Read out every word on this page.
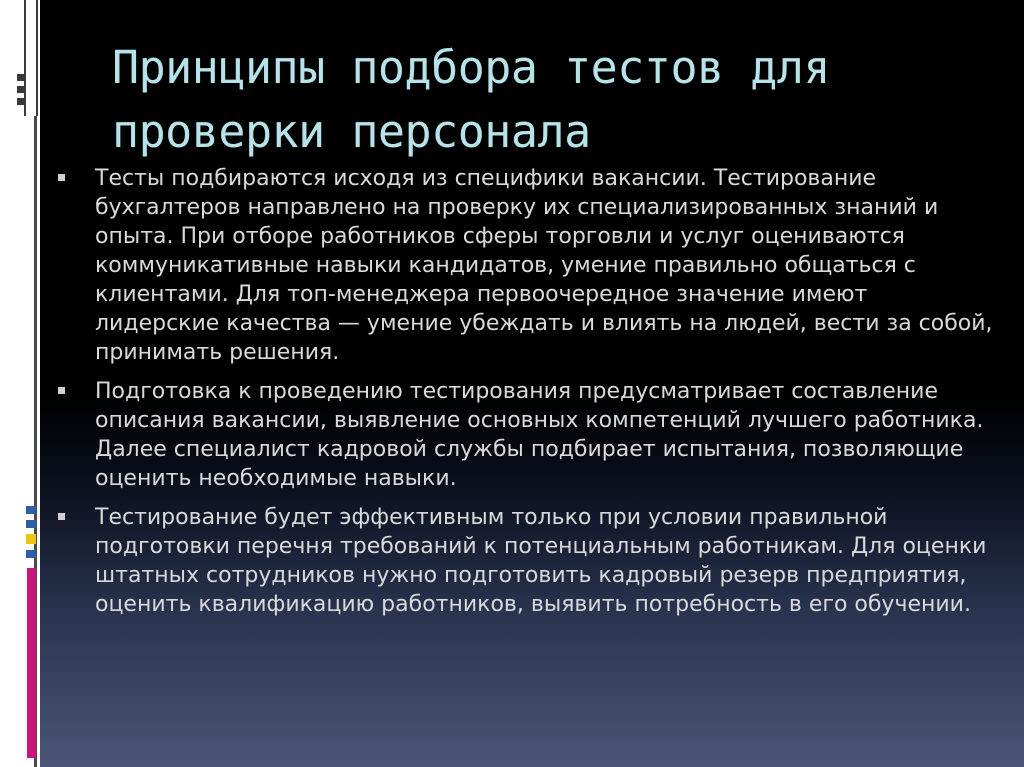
Принципы подбора тестов для проверки персонала
Тесты подбираются исходя из специфики вакансии. Тестирование бухгалтеров направлено на проверку их специализированных знаний и опыта. При отборе работников сферы торговли и услуг оцениваются коммуникативные навыки кандидатов, умение правильно общаться с клиентами. Для топ-менеджера первоочередное значение имеют лидерские качества — умение убеждать и влиять на людей, вести за собой, принимать решения.
Подготовка к проведению тестирования предусматривает составление описания вакансии, выявление основных компетенций лучшего работника. Далее специалист кадровой службы подбирает испытания, позволяющие оценить необходимые навыки.
Тестирование будет эффективным только при условии правильной подготовки перечня требований к потенциальным работникам. Для оценки штатных сотрудников нужно подготовить кадровый резерв предприятия, оценить квалификацию работников, выявить потребность в его обучении.
